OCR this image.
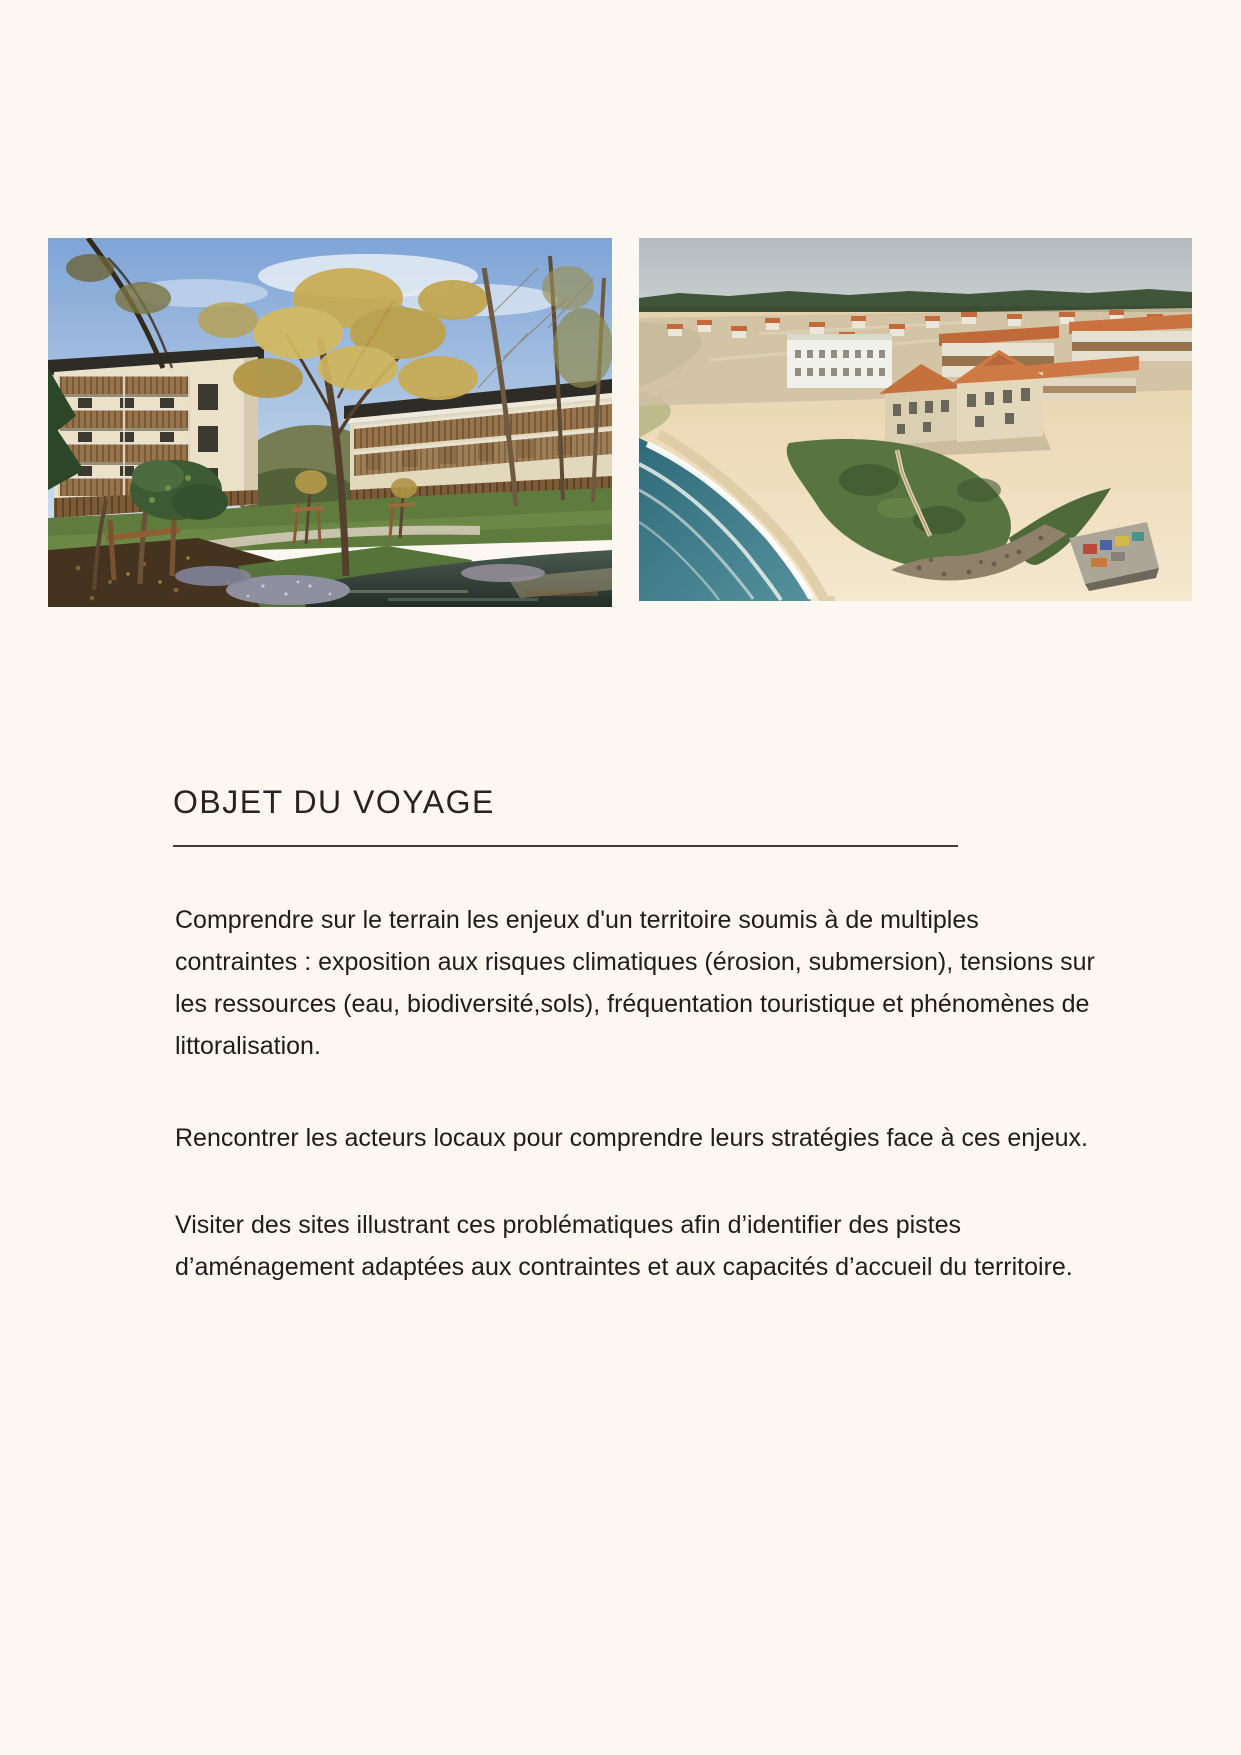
OBJET DU VOYAGE
Comprendre sur le terrain les enjeux d'un territoire soumis à de multiples
contraintes : exposition aux risques climatiques (érosion, submersion), tensions sur
les ressources (eau, biodiversité,sols), fréquentation touristique et phénomènes de
littoralisation.
Rencontrer les acteurs locaux pour comprendre leurs stratégies face à ces enjeux.
Visiter des sites illustrant ces problématiques afin d’identifier des pistes
d’aménagement adaptées aux contraintes et aux capacités d’accueil du territoire.
